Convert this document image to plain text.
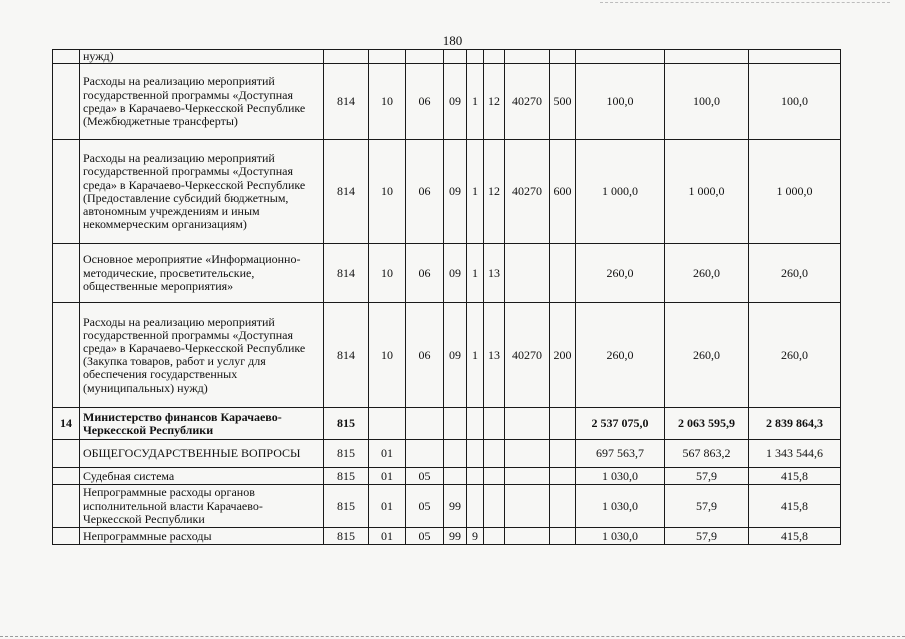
180
	нужд)											
	Расходы на реализацию мероприятий государственной программы «Доступная среда» в Карачаево-Черкесской Республике (Межбюджетные трансферты)	814	10	06	09	1	12	40270	500	100,0	100,0	100,0
	Расходы на реализацию мероприятий государственной программы «Доступная среда» в Карачаево-Черкесской Республике (Предоставление субсидий бюджетным, автономным учреждениям и иным некоммерческим организациям)	814	10	06	09	1	12	40270	600	1 000,0	1 000,0	1 000,0
	Основное мероприятие «Информационно-методические, просветительские, общественные мероприятия»	814	10	06	09	1	13			260,0	260,0	260,0
	Расходы на реализацию мероприятий государственной программы «Доступная среда» в Карачаево-Черкесской Республике (Закупка товаров, работ и услуг для обеспечения государственных (муниципальных) нужд)	814	10	06	09	1	13	40270	200	260,0	260,0	260,0
14	Министерство финансов Карачаево-Черкесской Республики	815								2 537 075,0	2 063 595,9	2 839 864,3
	ОБЩЕГОСУДАРСТВЕННЫЕ ВОПРОСЫ	815	01							697 563,7	567 863,2	1 343 544,6
	Судебная система	815	01	05						1 030,0	57,9	415,8
	Непрограммные расходы органов исполнительной власти Карачаево-Черкесской Республики	815	01	05	99					1 030,0	57,9	415,8
	Непрограммные расходы	815	01	05	99	9				1 030,0	57,9	415,8
